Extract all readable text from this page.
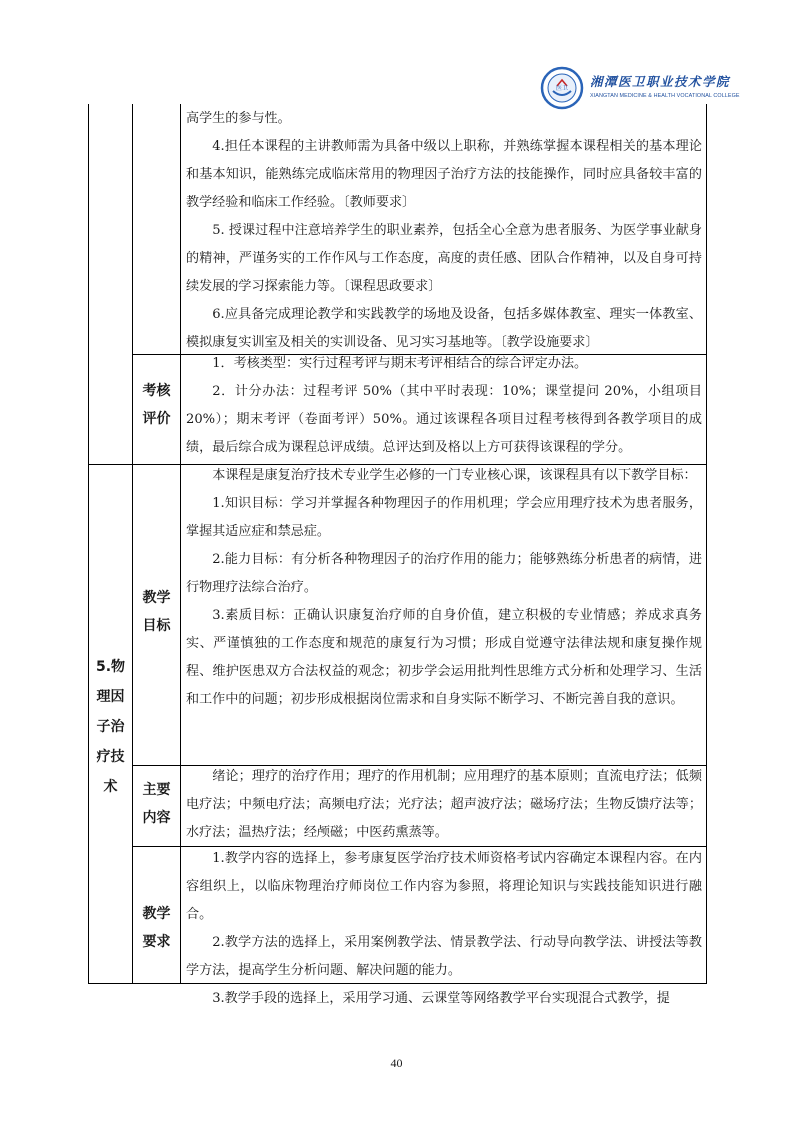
医卫 湘潭医卫职业技术学院
XIANGTAN MEDICINE & HEALTH VOCATIONAL COLLEGE

高学生的参与性。

4.担任本课程的主讲教师需为具备中级以上职称，并熟练掌握本课程相关的基本理论和基本知识，能熟练完成临床常用的物理因子治疗方法的技能操作，同时应具备较丰富的教学经验和临床工作经验。〔教师要求〕

5. 授课过程中注意培养学生的职业素养，包括全心全意为患者服务、为医学事业献身的精神，严谨务实的工作作风与工作态度，高度的责任感、团队合作精神，以及自身可持续发展的学习探索能力等。〔课程思政要求〕

6.应具备完成理论教学和实践教学的场地及设备，包括多媒体教室、理实一体教室、模拟康复实训室及相关的实训设备、见习实习基地等。〔教学设施要求〕

考核
评价

1．考核类型：实行过程考评与期末考评相结合的综合评定办法。

2．计分办法：过程考评 50%（其中平时表现：10%；课堂提问 20%，小组项目 20%）；期末考评（卷面考评）50%。通过该课程各项目过程考核得到各教学项目的成绩，最后综合成为课程总评成绩。总评达到及格以上方可获得该课程的学分。

5.物
理因
子治
疗技
术
教学
目标

本课程是康复治疗技术专业学生必修的一门专业核心课，该课程具有以下教学目标：

1.知识目标：学习并掌握各种物理因子的作用机理；学会应用理疗技术为患者服务，掌握其适应症和禁忌症。

2.能力目标：有分析各种物理因子的治疗作用的能力；能够熟练分析患者的病情，进行物理疗法综合治疗。

3.素质目标：正确认识康复治疗师的自身价值，建立积极的专业情感；养成求真务实、严谨慎独的工作态度和规范的康复行为习惯；形成自觉遵守法律法规和康复操作规程、维护医患双方合法权益的观念；初步学会运用批判性思维方式分析和处理学习、生活和工作中的问题；初步形成根据岗位需求和自身实际不断学习、不断完善自我的意识。

主要
内容

绪论；理疗的治疗作用；理疗的作用机制；应用理疗的基本原则；直流电疗法；低频电疗法；中频电疗法；高频电疗法；光疗法；超声波疗法；磁场疗法；生物反馈疗法等；水疗法；温热疗法；经颅磁；中医药熏蒸等。

教学
要求

1.教学内容的选择上，参考康复医学治疗技术师资格考试内容确定本课程内容。在内容组织上，以临床物理治疗师岗位工作内容为参照，将理论知识与实践技能知识进行融合。

2.教学方法的选择上，采用案例教学法、情景教学法、行动导向教学法、讲授法等教学方法，提高学生分析问题、解决问题的能力。

3.教学手段的选择上，采用学习通、云课堂等网络教学平台实现混合式教学，提

40
